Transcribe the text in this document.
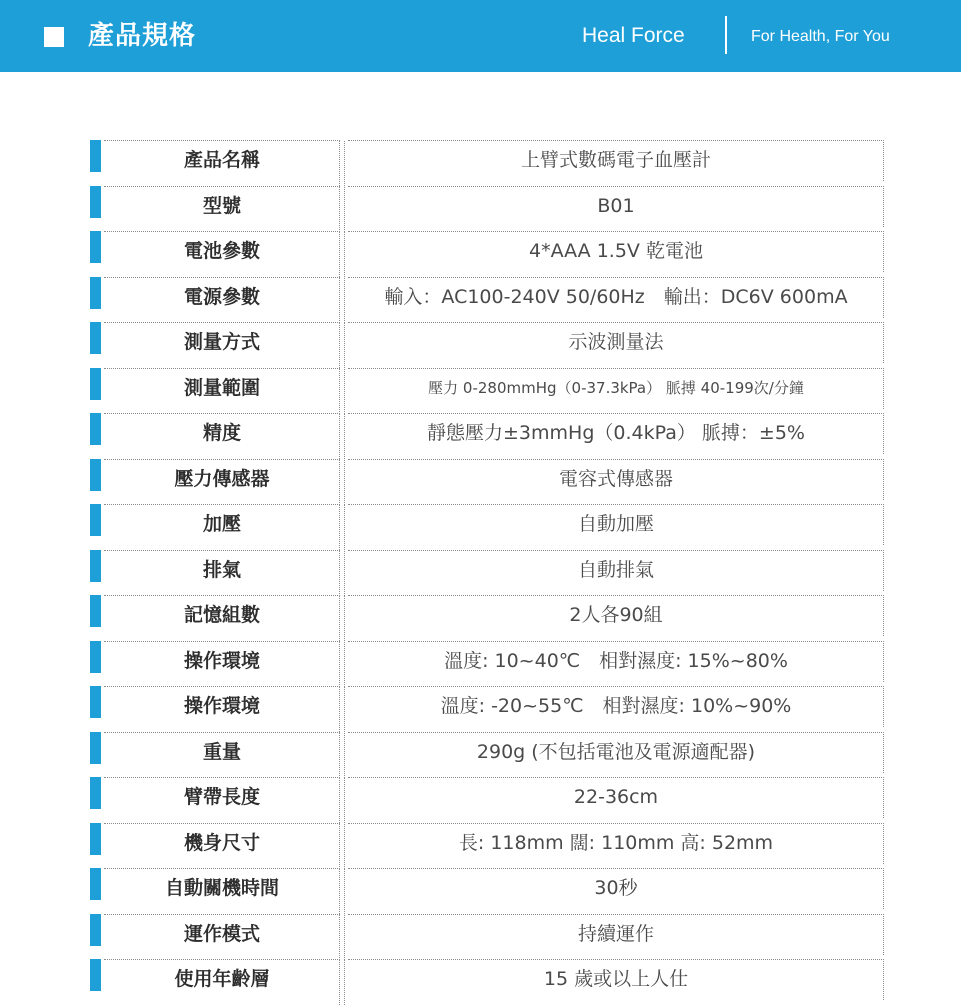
產品規格	Heal Force	For Health, For You
產品名稱	上臂式數碼電子血壓計
型號	B01
電池參數	4*AAA 1.5V 乾電池
電源參數	輸入：AC100-240V 50/60Hz　輸出：DC6V 600mA
測量方式	示波測量法
測量範圍	壓力 0-280mmHg（0-37.3kPa） 脈搏 40-199次/分鐘
精度	靜態壓力±3mmHg（0.4kPa） 脈搏：±5%
壓力傳感器	電容式傳感器
加壓	自動加壓
排氣	自動排氣
記憶組數	2人各90組
操作環境	溫度: 10~40℃　相對濕度: 15%~80%
操作環境	溫度: -20~55℃　相對濕度: 10%~90%
重量	290g (不包括電池及電源適配器)
臂帶長度	22-36cm
機身尺寸	長: 118mm 闊: 110mm 高: 52mm
自動關機時間	30秒
運作模式	持續運作
使用年齡層	15 歲或以上人仕
